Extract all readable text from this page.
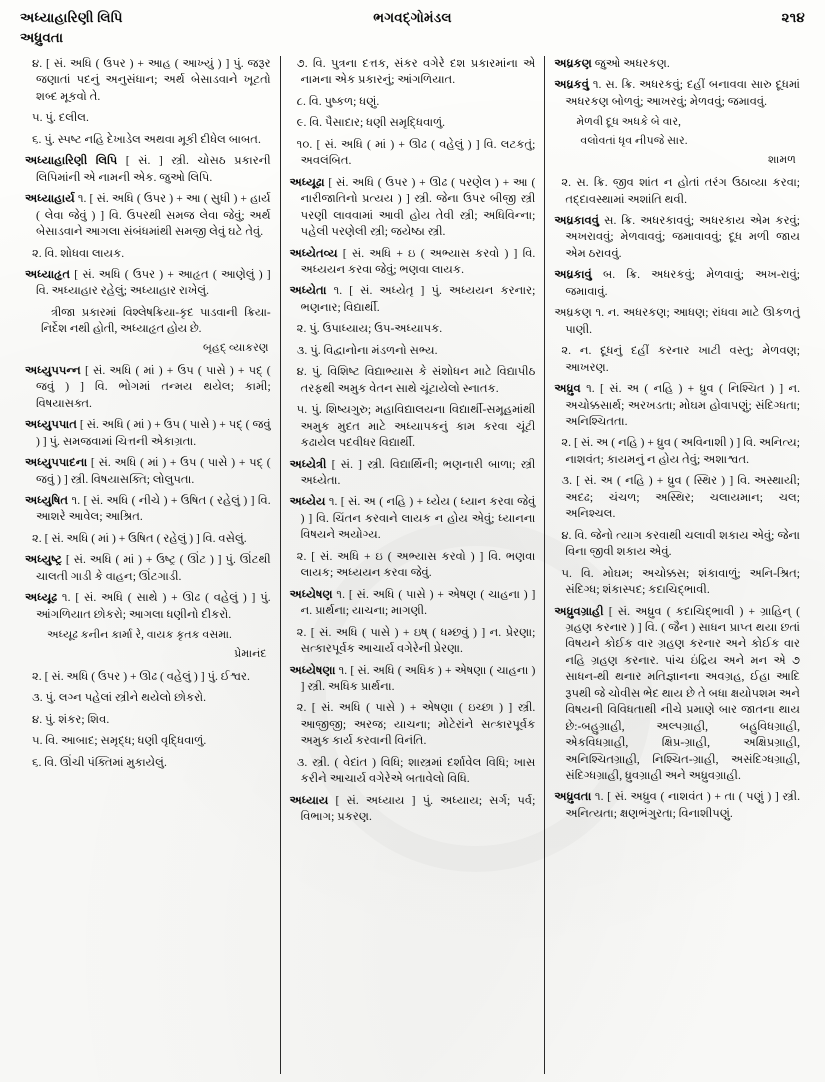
અધ્યાહારિણી લિપિ
અધ્રુવતા
ભગવદ્‌ગોમંડલ	૨૧૪

૪. [ સં. અધિ ( ઉપર ) + આહ ( આખ્યું ) ] પું. જરૂર જણાતાં પદનું અનુસંધાન; અર્થ બેસાડવાને ખૂટતો શબ્દ મૂકવો તે.

૫. પું. દલીલ.

૬. પું. સ્પષ્ટ નહિ દેખાડેલ અથવા મૂકી દીધેલ બાબત.

અધ્યાહારિણી લિપિ [ સં. ] સ્ત્રી. ચોસઠ પ્રકારની લિપિમાંની એ નામની એક. જુઓ લિપિ.

અધ્યાહાર્ય ૧. [ સં. અધિ ( ઉપર ) + આ ( સુધી ) + હાર્ય ( લેવા જેવું ) ] વિ. ઉપરથી સમજ લેવા જેવું; અર્થ બેસાડવાને આગલા સંબંધમાંથી સમજી લેવું ઘટે તેવું.

૨. વિ. શોધવા લાયક.

અધ્યાહૃત [ સં. અધિ ( ઉપર ) + આહૃત ( આણેલું ) ] વિ. અધ્યાહાર રહેલું; અધ્યાહાર રાખેલું.

ત્રીજા પ્રકારમાં વિશ્લેષક્રિયા-કૃદ પાડવાની ક્રિયા-નિર્દેશ નથી હોતી, અધ્યાહૃત હોય છે.

બૃહદ્ વ્યાકરણ

અધ્યુપપન્ન [ સં. અધિ ( માં ) + ઉપ ( પાસે ) + પદ્ ( જવું ) ] વિ. ભોગમાં તન્મય થયેલ; કામી; વિષયાસક્ત.

અધ્યુપપાત [ સં. અધિ ( માં ) + ઉપ ( પાસે ) + પદ્ ( જવું ) ] પું. સમજવામાં ચિત્તની એકાગ્રતા.

અધ્યુપપાદના [ સં. અધિ ( માં ) + ઉપ ( પાસે ) + પદ્ ( જવું ) ] સ્ત્રી. વિષયાસક્તિ; લોલુપતા.

અધ્યુષિત ૧. [ સં. અધિ ( નીચે ) + ઉષિત ( રહેલું ) ] વિ. આશરે આવેલ; આશ્રિત.

૨. [ સં. અધિ ( માં ) + ઉષિત ( રહેલું ) ] વિ. વસેલું.

અધ્યુષ્ટ્ર [ સં. અધિ ( માં ) + ઉષ્ટ્ર ( ઊંટ ) ] પું. ઊંટથી ચાલતી ગાડી કે વાહન; ઊંટગાડી.

અધ્યૂઢ ૧. [ સં. અધિ ( સાથે ) + ઊઢ ( વહેલું ) ] પું. આંગળિયાત છોકરો; આગલા ધણીનો દીકરો.

અધ્યૂઢ કનીન કાર્મા રે, વાયક કૃતક વસમા.

પ્રેમાનંદ

૨. [ સં. અધિ ( ઉપર ) + ઊઢ ( વહેલું ) ] પું. ઈશ્વર.

૩. પું. લગ્ન પહેલાં સ્ત્રીને થયેલો છોકરો.

૪. પું. શંકર; શિવ.

૫. વિ. આબાદ; સમૃદ્ધ; ધણી વૃદ્ધિવાળું.

૬. વિ. ઊંચી પંક્તિમાં મુકાયેલું.

૭. વિ. પુત્રના દત્તક, સંકર વગેરે દશ પ્રકારમાંના એ નામના એક પ્રકારનું; આંગળિયાત.

૮. વિ. પુષ્કળ; ધણું.

૯. વિ. પૈસાદાર; ધણી સમૃદ્ધિવાળું.

૧૦. [ સં. અધિ ( માં ) + ઊઢ ( વહેલું ) ] વિ. લટકતું; અવલંબિત.

અધ્યૂઢા [ સં. અધિ ( ઉપર ) + ઊઢ ( પરણેલ ) + આ ( નારીજાતિનો પ્રત્યય ) ] સ્ત્રી. જેના ઉપર બીજી સ્ત્રી પરણી લાવવામાં આવી હોય તેવી સ્ત્રી; અધિવિન્ના; પહેલી પરણેલી સ્ત્રી; જયેષ્ઠા સ્ત્રી.

અધ્યેતવ્ય [ સં. અધિ + ઇ ( અભ્યાસ કરવો ) ] વિ. અધ્યયન કરવા જેવું; ભણવા લાયક.

અધ્યેતા ૧. [ સં. અધ્યેતૃ ] પું. અધ્યયન કરનાર; ભણનાર; વિદ્યાર્થી.

૨. પું. ઉપાધ્યાય; ઉપ-અધ્યાપક.

૩. પું. વિદ્વાનોના મંડળનો સભ્ય.

૪. પું. વિશિષ્ટ વિદ્યાભ્યાસ કે સંશોધન માટે વિદ્યાપીઠ તરફથી અમુક વેતન સાથે ચૂંટાયેલો સ્નાતક.

૫. પું. શિષ્યગુરુ; મહાવિદ્યાલયના વિદ્યાર્થી-સમૂહમાંથી અમુક મુદત માટે અધ્યાપકનું કામ કરવા ચૂંટી કઢાયેલ પદવીધર વિદ્યાર્થી.

અધ્યેત્રી [ સં. ] સ્ત્રી. વિદ્યાર્થિની; ભણનારી બાળા; સ્ત્રી અધ્યેતા.

અધ્યેય ૧. [ સં. અ ( નહિ ) + ધ્યેય ( ધ્યાન કરવા જેવું ) ] વિ. ચિંતન કરવાને લાયક ન હોય એવું; ધ્યાનના વિષયને અયોગ્ય.

૨. [ સં. અધિ + ઇ ( અભ્યાસ કરવો ) ] વિ. ભણવા લાયક; અધ્યયન કરવા જેવું.

અધ્યેષણ ૧. [ સં. અધિ ( પાસે ) + એષણ ( ચાહના ) ] ન. પ્રાર્થના; યાચના; માગણી.

૨. [ સં. અધિ ( પાસે ) + ઇષ્ ( ધમ્છવું ) ] ન. પ્રેરણા; સત્કારપૂર્વક આચાર્ય વગેરેની પ્રેરણા.

અધ્યેષણા ૧. [ સં. અધિ ( અધિક ) + એષણા ( ચાહના ) ] સ્ત્રી. અધિક પ્રાર્થના.

૨. [ સં. અધિ ( પાસે ) + એષણા ( ઇચ્છા ) ] સ્ત્રી. આજીજી; અરજ; યાચના; મોટેરાંને સત્કારપૂર્વક અમુક કાર્ય કરવાની વિનંતિ.

૩. સ્ત્રી. ( વેદાંત ) વિધિ; શાસ્ત્રમાં દર્શાવેલ વિધિ; ખાસ કરીને આચાર્ય વગેરેએ બતાવેલો વિધિ.

અધ્યાય [ સં. અધ્યાય ] પું. અધ્યાય; સર્ગ; પર્વ; વિભાગ; પ્રકરણ.

અધ્રકણ જુઓ અધરકણ.

અધ્રકવું ૧. સ. ક્રિ. અધરકવું; દહીં બનાવવા સારુ દૂધમાં અધરકણ બોળવું; આખરવું; મેળવવું; જમાવવું.

મેળવી દૂધ અધકે બે વાર,

વલોવતાં ધૃવ નીપજે સાર.

શામળ

૨. સ. ક્રિ. જીવ શાંત ન હોતાં તરંગ ઉઠાવ્યા કરવા; તદ્દાવસ્થામાં અશાંતિ થવી.

અધ્રકાવવું સ. ક્રિ. અધરકાવવું; અધરકાય એમ કરવું; અખરાવવું; મેળવાવવું; જમાવાવવું; દૂધ મળી જાય એમ ઠરાવવું.

અધ્રકાવું બ. ક્રિ. અધરકવું; મેળવાવું; અખ-રાવું; જમાવાવું.

અધ્રકણ ૧. ન. અધરકણ; આધણ; રાંધવા માટે ઊકળતું પાણી.

૨. ન. દૂધનું દહીં કરનાર ખાટી વસ્તુ; મેળવણ; આખરણ.

અધ્રુવ ૧. [ સં. અ ( નહિ ) + ધ્રુવ ( નિશ્ચિત ) ] ન. અચોક્કસાર્થ; અરખડતા; મોઘમ હોવાપણું; સંદિગ્ધતા; અનિશ્ચિતતા.

૨. [ સં. અ ( નહિ ) + ધ્રુવ ( અવિનાશી ) ] વિ. અનિત્ય; નાશવંત; કાયમનું ન હોય તેવું; અશાશ્વત.

૩. [ સં. અ ( નહિ ) + ધ્રુવ ( સ્થિર ) ] વિ. અસ્થાયી; અદઢ; ચંચળ; અસ્થિર; ચલાયમાન; ચલ; અનિશ્ચલ.

૪. વિ. જેનો ત્યાગ કરવાથી ચલાવી શકાય એવું; જેના વિના જીવી શકાય એવું.

૫. વિ. મોઘમ; અચોક્કસ; શંકાવાળું; અનિ-શ્રિત; સંદિગ્ધ; શંકાસ્પદ; કદાચિદ્‌ભાવી.

અધ્રુવગ્રાહી [ સં. અધ્રુવ ( કદાચિદ્‌ભાવી ) + ગ્રાહિન્ ( ગ્રહણ કરનાર ) ] વિ. ( જૈન ) સાધન પ્રાપ્ત થયા છતાં વિષયને કોઈક વાર ગ્રહણ કરનાર અને કોઈક વાર નહિ ગ્રહણ કરનાર. પાંચ ઇંદ્રિય અને મન એ ૭ સાધન-થી થનાર મતિજ્ઞાનના અવગ્રહ, ઈહા આદિ રૂપથી જે ચોવીસ ભેદ થાય છે તે બધા ક્ષયોપશમ અને વિષયની વિવિધતાથી નીચે પ્રમાણે બાર જાતના થાય છે:-બહુગ્રાહી, અલ્પગ્રાહી, બહુવિધગ્રાહી, એકવિધગ્રાહી, ક્ષિપ્ર-ગ્રાહી, અક્ષિપ્રગ્રાહી, અનિશ્ચિતગ્રાહી, નિશ્ચિત-ગ્રાહી, અસંદિગ્ધગ્રાહી, સંદિગ્ધગ્રાહી, ધ્રુવગ્રાહી અને અધ્રુવગ્રાહી.

અધ્રુવતા ૧. [ સં. અધ્રુવ ( નાશવંત ) + તા ( પણું ) ] સ્ત્રી. અનિત્યતા; ક્ષણભંગુરતા; વિનાશીપણું.
